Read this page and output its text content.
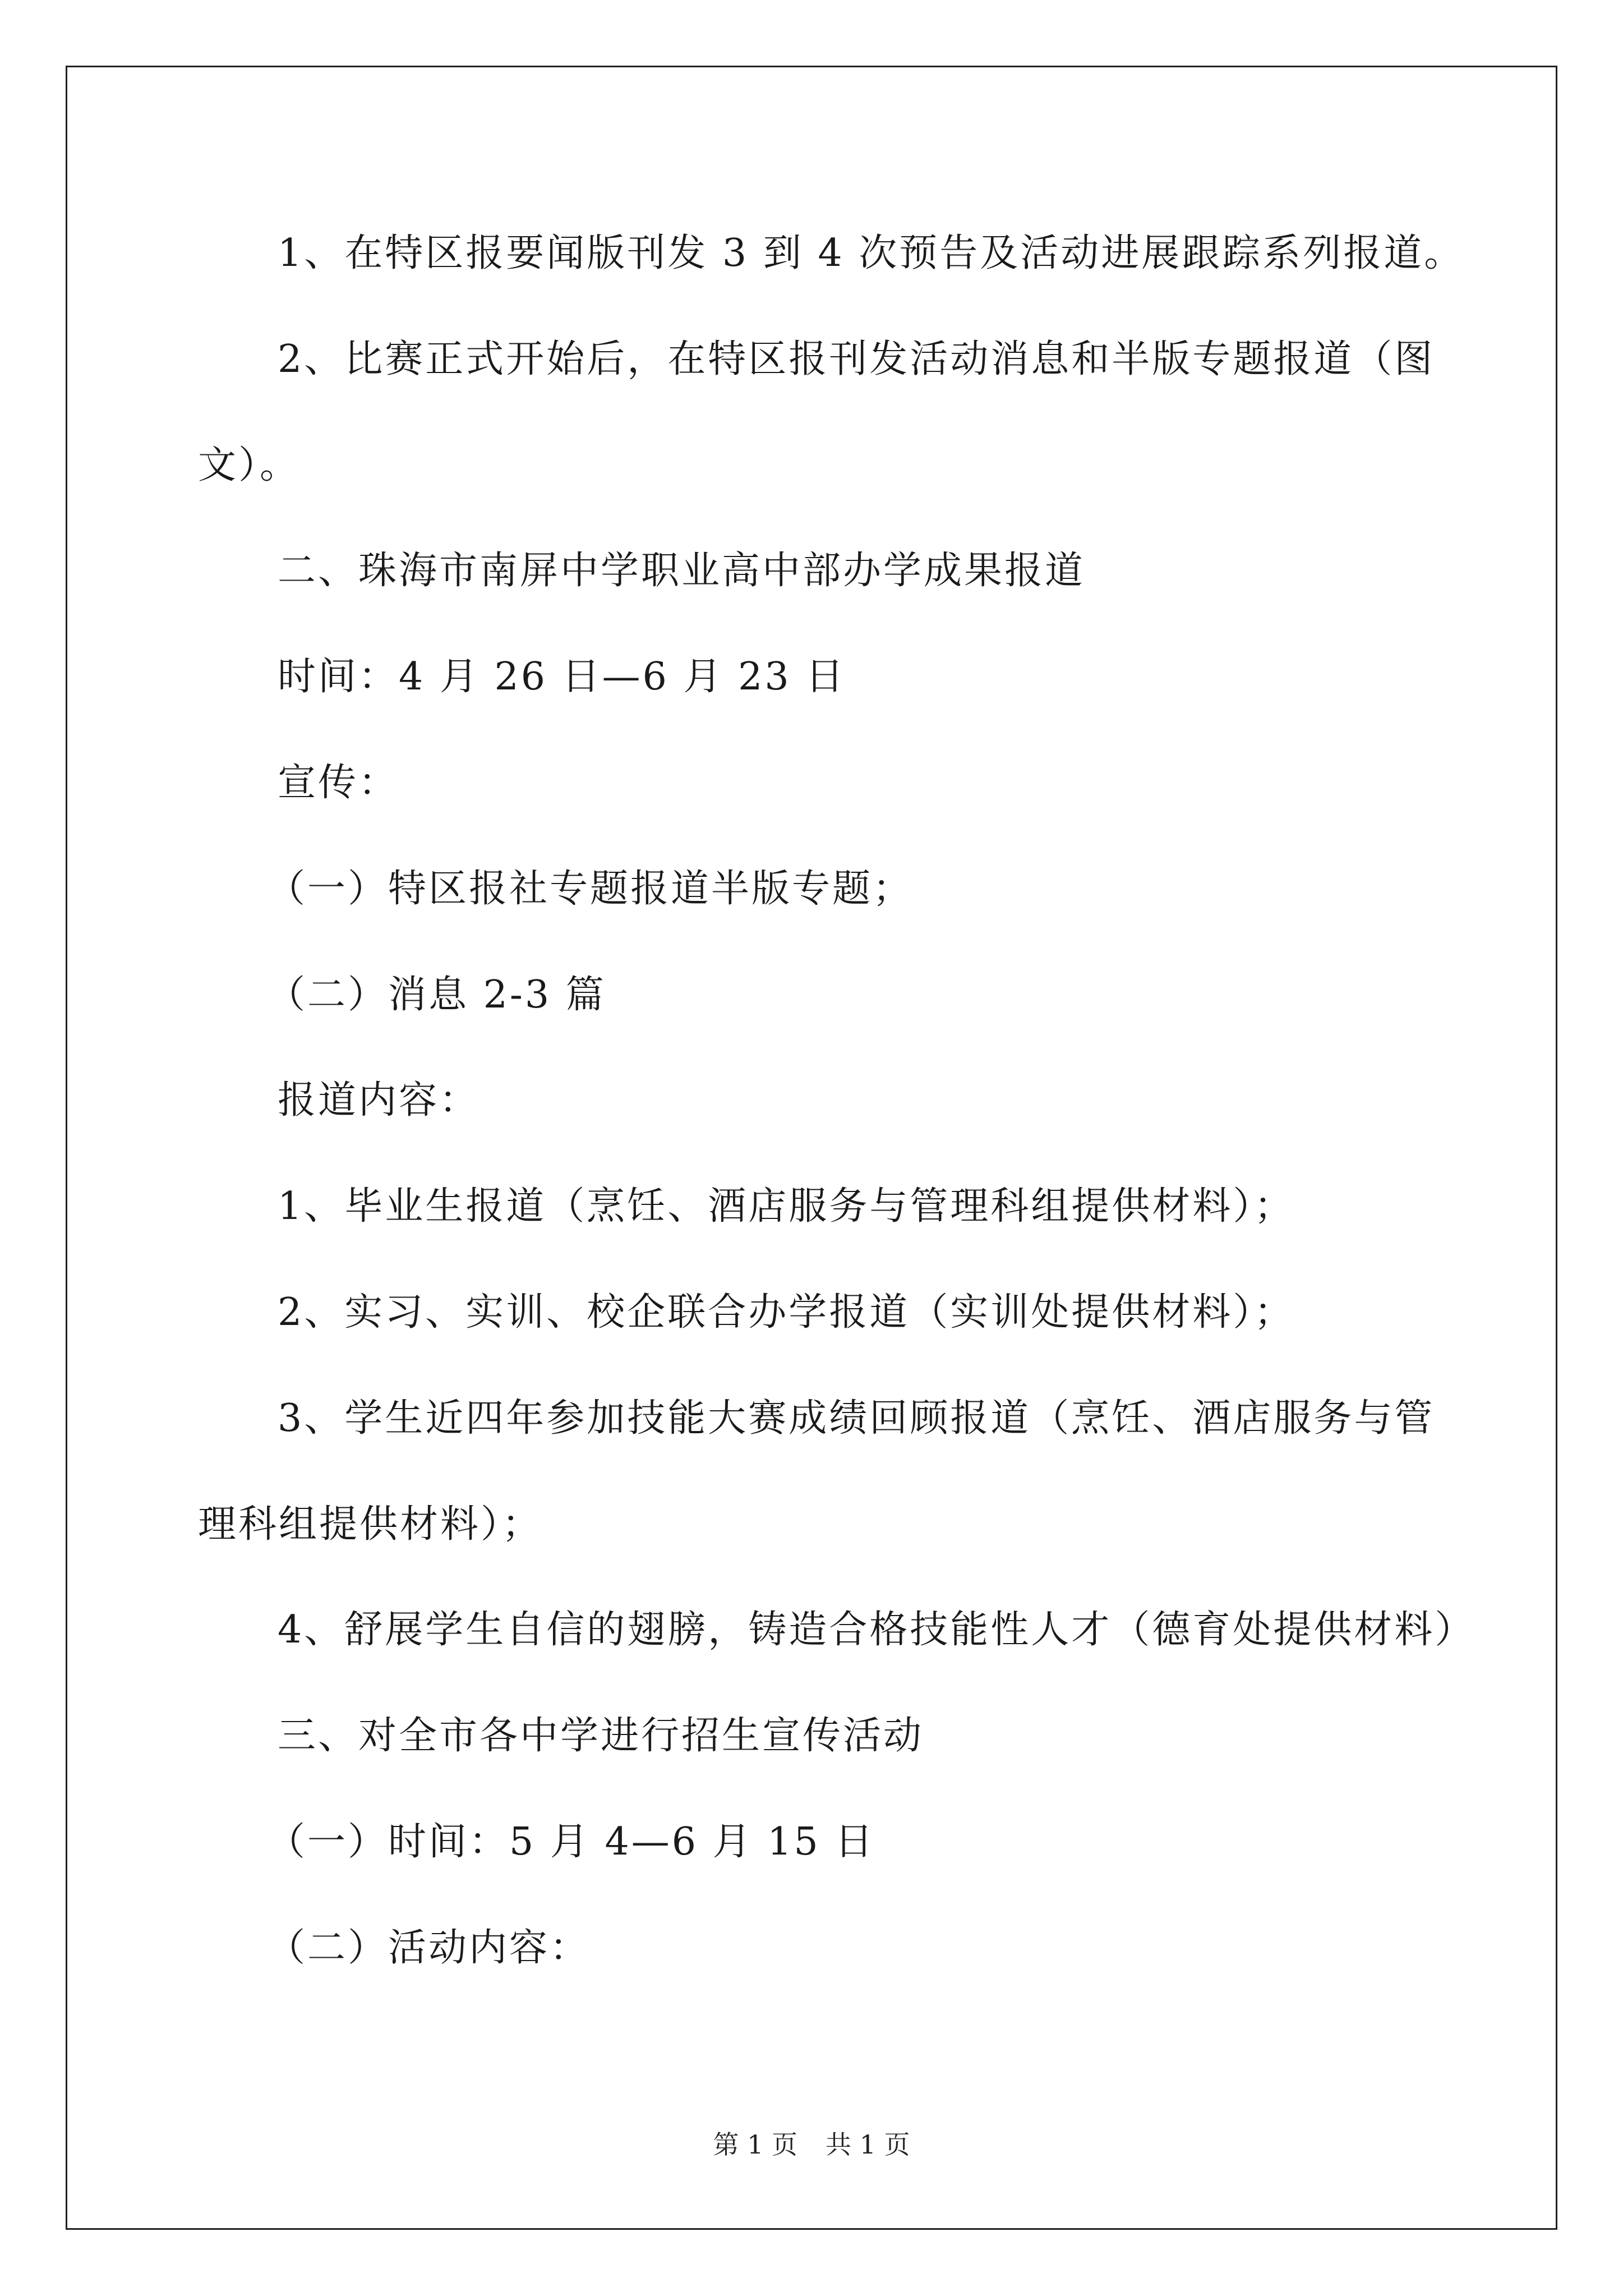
1、在特区报要闻版刊发 3 到 4 次预告及活动进展跟踪系列报道。
2、比赛正式开始后，在特区报刊发活动消息和半版专题报道（图
文）。
二、珠海市南屏中学职业高中部办学成果报道
时间：4 月 26 日—6 月 23 日
宣传：
（一）特区报社专题报道半版专题；
（二）消息 2-3 篇
报道内容：
1、毕业生报道（烹饪、酒店服务与管理科组提供材料）；
2、实习、实训、校企联合办学报道（实训处提供材料）；
3、学生近四年参加技能大赛成绩回顾报道（烹饪、酒店服务与管
理科组提供材料）；
4、舒展学生自信的翅膀，铸造合格技能性人才（德育处提供材料）
三、对全市各中学进行招生宣传活动
（一）时间：5 月 4—6 月 15 日
（二）活动内容：
第 1 页 共 1 页
